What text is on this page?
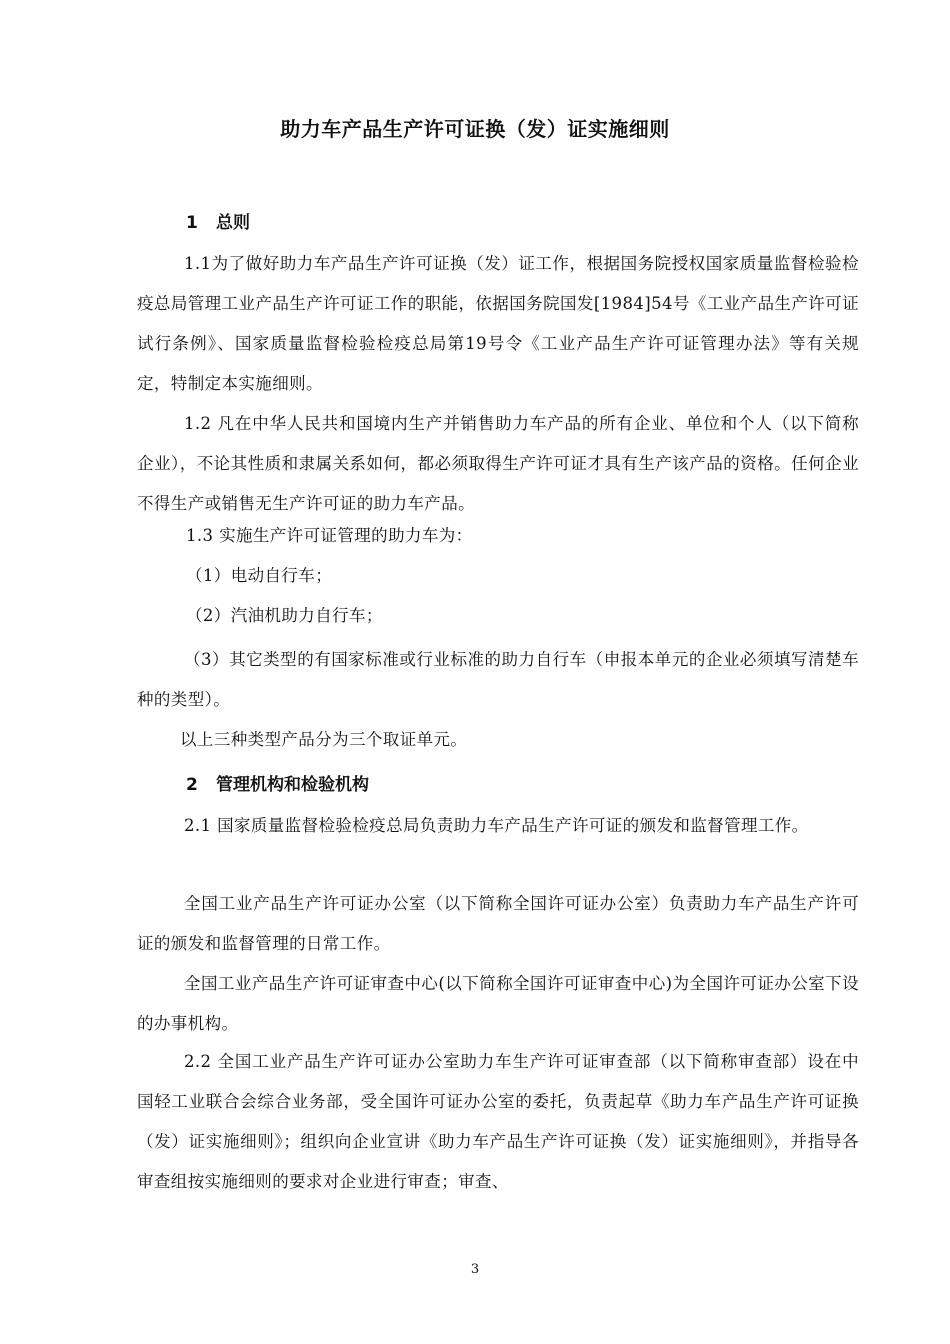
助力车产品生产许可证换（发）证实施细则
1 总则

1.1为了做好助力车产品生产许可证换（发）证工作，根据国务院授权国家质量监督检验检疫总局管理工业产品生产许可证工作的职能，依据国务院国发[1984]54号《工业产品生产许可证试行条例》、国家质量监督检验检疫总局第19号令《工业产品生产许可证管理办法》等有关规定，特制定本实施细则。

1.2 凡在中华人民共和国境内生产并销售助力车产品的所有企业、单位和个人（以下简称企业），不论其性质和隶属关系如何，都必须取得生产许可证才具有生产该产品的资格。任何企业不得生产或销售无生产许可证的助力车产品。

1.3 实施生产许可证管理的助力车为：
（1）电动自行车；
（2）汽油机助力自行车；

（3）其它类型的有国家标准或行业标准的助力自行车（申报本单元的企业必须填写清楚车种的类型）。

以上三种类型产品分为三个取证单元。
2 管理机构和检验机构

2.1 国家质量监督检验检疫总局负责助力车产品生产许可证的颁发和监督管理工作。

全国工业产品生产许可证办公室（以下简称全国许可证办公室）负责助力车产品生产许可证的颁发和监督管理的日常工作。

全国工业产品生产许可证审查中心(以下简称全国许可证审查中心)为全国许可证办公室下设的办事机构。

2.2 全国工业产品生产许可证办公室助力车生产许可证审查部（以下简称审查部）设在中国轻工业联合会综合业务部，受全国许可证办公室的委托，负责起草《助力车产品生产许可证换（发）证实施细则》；组织向企业宣讲《助力车产品生产许可证换（发）证实施细则》，并指导各审查组按实施细则的要求对企业进行审查；审查、

3
